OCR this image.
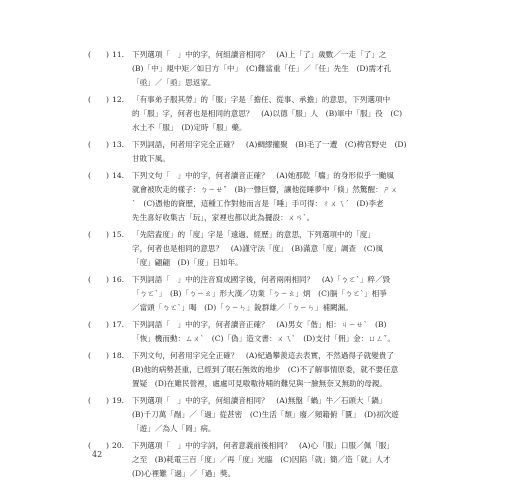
( ) 11. 下列選項「　」中的字，何組讀音相同？　(A)上「了」歲數／一走「了」之
(B)「中」規中矩／如日方「中」　(C)難當重「任」／「任」先生　(D)需才孔
「亟」／「亟」思返家。
( ) 12. 「有事弟子服其勞」的「服」字是「擔任、從事、承擔」的意思，下列選項中
的「服」字，何者也是相同的意思？　(A)以德「服」人　(B)軍中「服」役　(C)
水土不「服」　(D)定時「服」藥。
( ) 13. 下列詞語，何者用字完全正確？　(A)綢繆攏聚　(B)毛了一遭　(C)稗官野史　(D)
甘敗下風。
( ) 14. 下列文句「　」中的字，何者讀音正確？　(A)她那乾「癟」的身形似乎一颱風
就會被吹走的樣子：ㄅㄧㄝˇ　(B)一聲巨響，讓他從睡夢中「倏」然驚醒：ㄕㄨ
ˋ　(C)憑他的資歷，這種工作對他而言是「唾」手可得：ㄔㄨㄟˊ　(D)李老
先生喜好收集古「玩」，家裡也都以此為擺設：ㄨㄢˋ。
( ) 15. 「先陪盍度」的「度」字是「遠過、經歷」的意思，下列選項中的「度」
字，何者也是相同的意思？　(A)謹守法「度」　(B)滿意「度」調查　(C)風
「度」翩翩　(D)「度」日如年。
( ) 16. 下列詞語「　」中的注音寫成國字後，何者兩兩相同？　(A)「ㄅㄛˋ」粹／毀
「ㄅㄛˋ」　(B)「ㄅㄧㄠ」形大漢／功業「ㄅㄧㄠ」炳　(C)膈「ㄅㄛˋ」相爭
／當頭「ㄅㄛˋ」喝　(D)「ㄅㄧㄣ」銳群雄／「ㄅㄧㄣ」補闕漏。
( ) 17. 下列詞語「　」中的字，何者讀音正確？　(A)男女「偕」相：ㄐㄧㄝˋ　(B)
「恢」機而動：ㄙㄨˋ　(C)「偽」造文書：ㄨㄟˋ　(D)支付「佣」金：ㄩㄥˇ。
( ) 18. 下列文句，何者用字完全正確？　(A)紀過攀羨這去表實，不然過得子就變貴了
(B)他的病勢甚重，已經到了眠石無效的地步　(C)不了解事情原委，就不要任意
置疑　(D)在雖民營裡，處處可見嗷嗷待哺的難兒與一臉無奈又無助的母親。
( ) 19. 下列選項「　」中的字，何組讀音相同？　(A)無盤「蝸」牛／石頭大「鍋」
(B)千刀萬「剮」／「過」從甚密　(C)生活「頹」廢／頻籍俯「匱」　(D)初次遊
「遊」／為人「岡」病。
( ) 20. 下列選項「　」中的字詞，何者意義前後相同？　(A)心「服」口服／佩「服」
之至　(B)耗電三百「度」／再「度」光臨　(C)因陷「就」簡／造「就」人才
(D)心裡難「過」／「過」獎。
42
